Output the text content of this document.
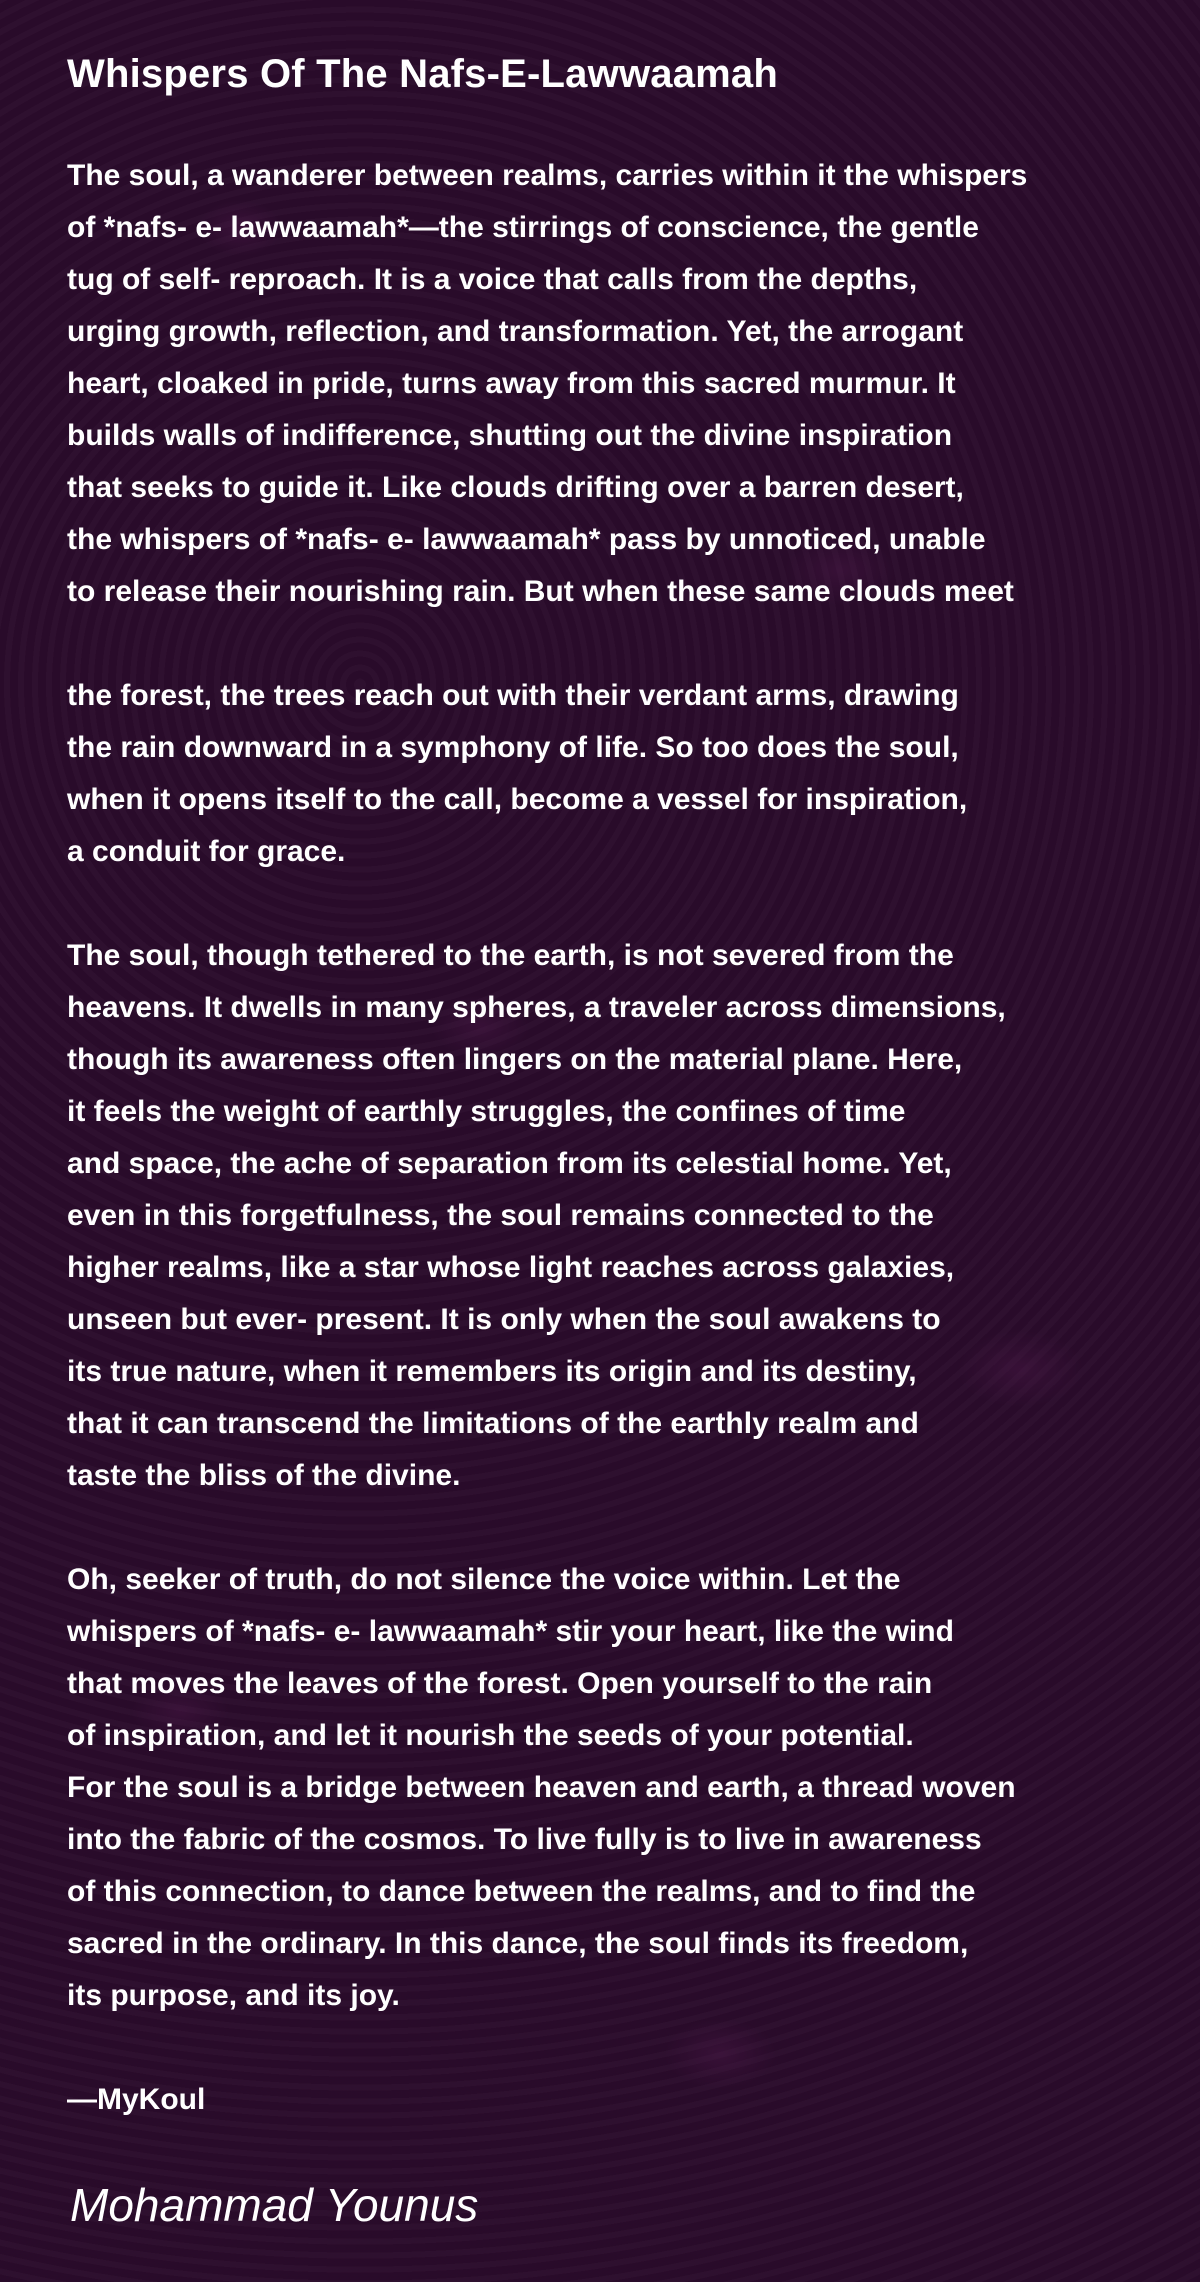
Whispers Of The Nafs-E-Lawwaamah

The soul, a wanderer between realms, carries within it the whispers
of *nafs- e- lawwaamah*—the stirrings of conscience, the gentle
tug of self- reproach. It is a voice that calls from the depths,
urging growth, reflection, and transformation. Yet, the arrogant
heart, cloaked in pride, turns away from this sacred murmur. It
builds walls of indifference, shutting out the divine inspiration
that seeks to guide it. Like clouds drifting over a barren desert,
the whispers of *nafs- e- lawwaamah* pass by unnoticed, unable
to release their nourishing rain. But when these same clouds meet

the forest, the trees reach out with their verdant arms, drawing
the rain downward in a symphony of life. So too does the soul,
when it opens itself to the call, become a vessel for inspiration,
a conduit for grace.

The soul, though tethered to the earth, is not severed from the
heavens. It dwells in many spheres, a traveler across dimensions,
though its awareness often lingers on the material plane. Here,
it feels the weight of earthly struggles, the confines of time
and space, the ache of separation from its celestial home. Yet,
even in this forgetfulness, the soul remains connected to the
higher realms, like a star whose light reaches across galaxies,
unseen but ever- present. It is only when the soul awakens to
its true nature, when it remembers its origin and its destiny,
that it can transcend the limitations of the earthly realm and
taste the bliss of the divine.

Oh, seeker of truth, do not silence the voice within. Let the
whispers of *nafs- e- lawwaamah* stir your heart, like the wind
that moves the leaves of the forest. Open yourself to the rain
of inspiration, and let it nourish the seeds of your potential.
For the soul is a bridge between heaven and earth, a thread woven
into the fabric of the cosmos. To live fully is to live in awareness
of this connection, to dance between the realms, and to find the
sacred in the ordinary. In this dance, the soul finds its freedom,
its purpose, and its joy.

—MyKoul

Mohammad Younus
